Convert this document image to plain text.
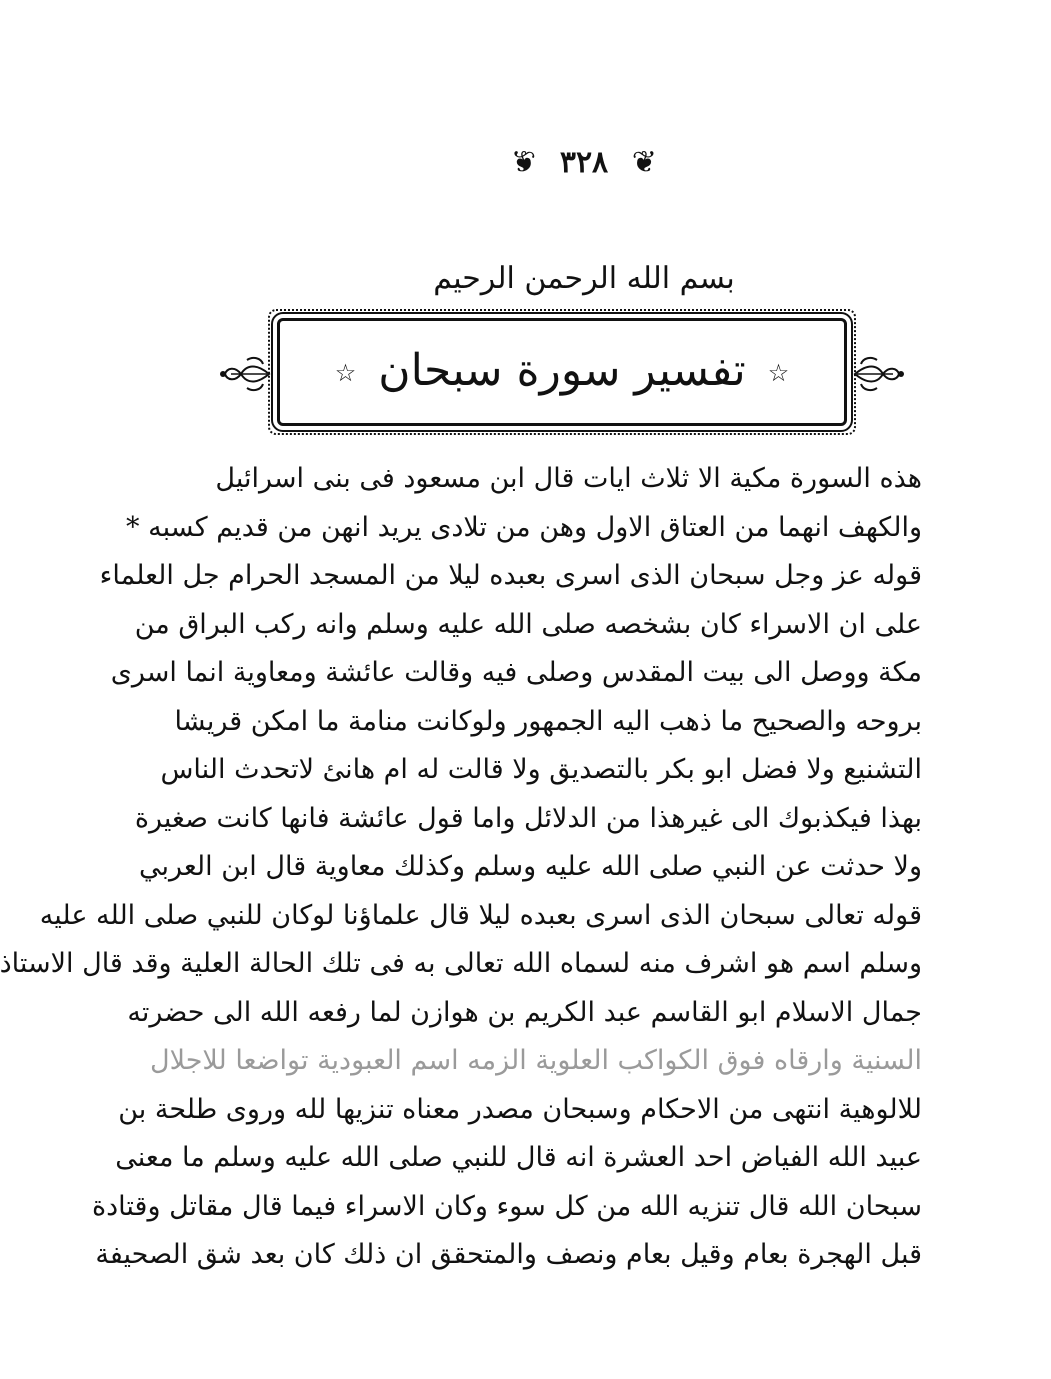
❦ ٣٢٨ ❦
بسم الله الرحمن الرحيم
☆تفسير سورة سبحان☆
هذه السورة مكية الا ثلاث ايات قال ابن مسعود فى بنى اسرائيل
والكهف انهما من العتاق الاول وهن من تلادى يريد انهن من قديم كسبه *
قوله عز وجل سبحان الذى اسرى بعبده ليلا من المسجد الحرام جل العلماء
على ان الاسراء كان بشخصه صلى الله عليه وسلم وانه ركب البراق من
مكة ووصل الى بيت المقدس وصلى فيه وقالت عائشة ومعاوية انما اسرى
بروحه والصحيح ما ذهب اليه الجمهور ولوكانت منامة ما امكن قريشا
التشنيع ولا فضل ابو بكر بالتصديق ولا قالت له ام هانئ لاتحدث الناس
بهذا فيكذبوك الى غيرهذا من الدلائل واما قول عائشة فانها كانت صغيرة
ولا حدثت عن النبي صلى الله عليه وسلم وكذلك معاوية قال ابن العربي
قوله تعالى سبحان الذى اسرى بعبده ليلا قال علماؤنا لوكان للنبي صلى الله عليه
وسلم اسم هو اشرف منه لسماه الله تعالى به فى تلك الحالة العلية وقد قال الاستاذ
جمال الاسلام ابو القاسم عبد الكريم بن هوازن لما رفعه الله الى حضرته
السنية وارقاه فوق الكواكب العلوية الزمه اسم العبودية تواضعا للاجلال
للالوهية انتهى من الاحكام وسبحان مصدر معناه تنزيها لله وروى طلحة بن
عبيد الله الفياض احد العشرة انه قال للنبي صلى الله عليه وسلم ما معنى
سبحان الله قال تنزيه الله من كل سوء وكان الاسراء فيما قال مقاتل وقتادة
قبل الهجرة بعام وقيل بعام ونصف والمتحقق ان ذلك كان بعد شق الصحيفة
